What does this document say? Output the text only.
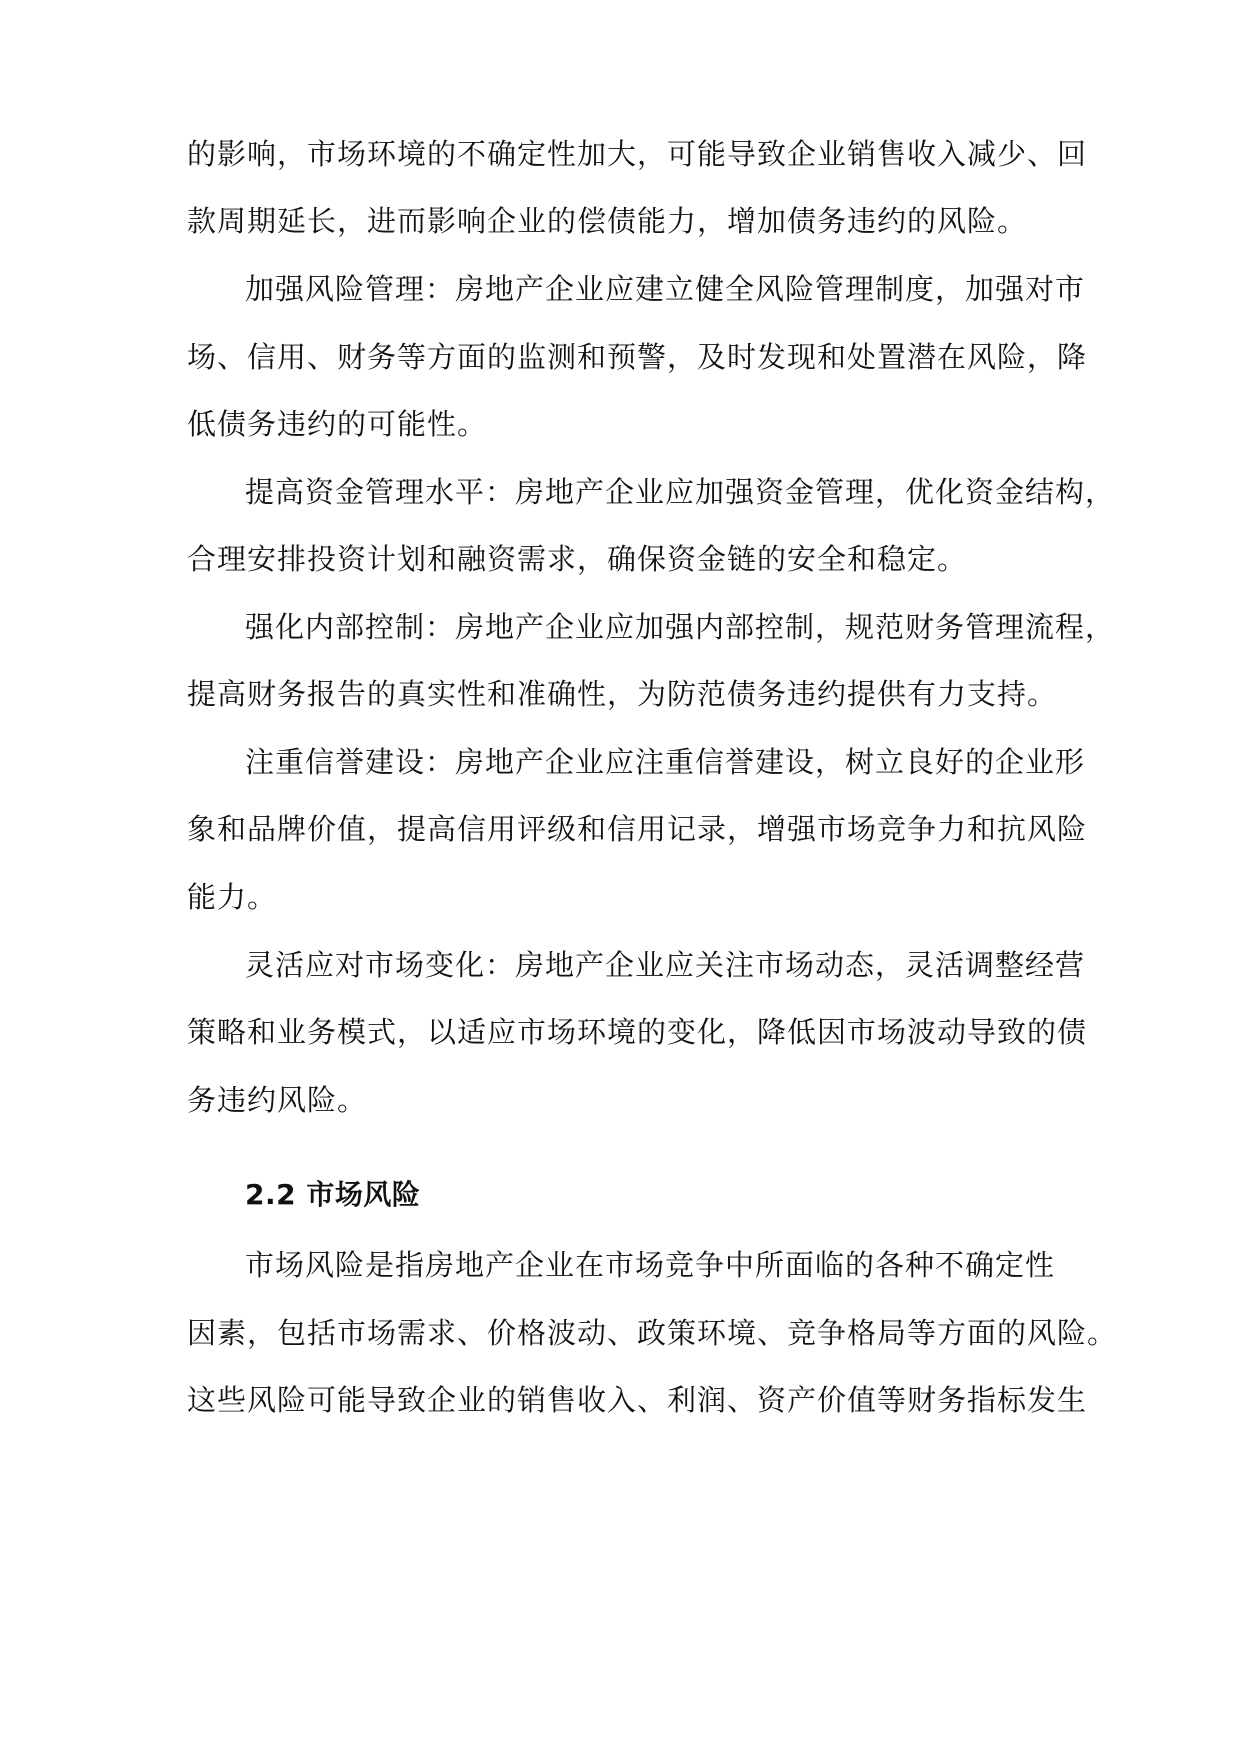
的影响，市场环境的不确定性加大，可能导致企业销售收入减少、回
款周期延长，进而影响企业的偿债能力，增加债务违约的风险。
加强风险管理：房地产企业应建立健全风险管理制度，加强对市
场、信用、财务等方面的监测和预警，及时发现和处置潜在风险，降
低债务违约的可能性。
提高资金管理水平：房地产企业应加强资金管理，优化资金结构，
合理安排投资计划和融资需求，确保资金链的安全和稳定。
强化内部控制：房地产企业应加强内部控制，规范财务管理流程，
提高财务报告的真实性和准确性，为防范债务违约提供有力支持。
注重信誉建设：房地产企业应注重信誉建设，树立良好的企业形
象和品牌价值，提高信用评级和信用记录，增强市场竞争力和抗风险
能力。
灵活应对市场变化：房地产企业应关注市场动态，灵活调整经营
策略和业务模式，以适应市场环境的变化，降低因市场波动导致的债
务违约风险。
2.2 市场风险
市场风险是指房地产企业在市场竞争中所面临的各种不确定性
因素，包括市场需求、价格波动、政策环境、竞争格局等方面的风险。
这些风险可能导致企业的销售收入、利润、资产价值等财务指标发生
